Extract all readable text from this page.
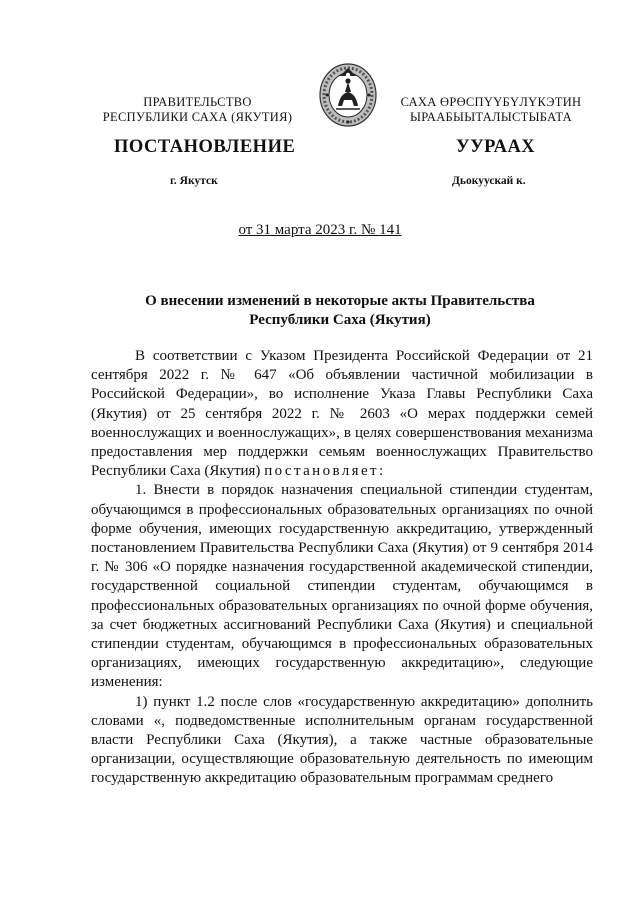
ПРАВИТЕЛЬСТВО
РЕСПУБЛИКИ САХА (ЯКУТИЯ)
САХА ӨРӨСПҮҮБҮЛҮКЭТИН
ЫРААБЫЫТАЛЫСТЫБАТА
ПОСТАНОВЛЕНИЕ	УУРААХ
г. Якутск	Дьокуускай к.
от 31 марта 2023 г. № 141
О внесении изменений в некоторые акты Правительства
Республики Саха (Якутия)

В соответствии с Указом Президента Российской Федерации от 21 сентября 2022 г. № 647 «Об объявлении частичной мобилизации в Российской Федерации», во исполнение Указа Главы Республики Саха (Якутия) от 25 сентября 2022 г. № 2603 «О мерах поддержки семей военнослужащих и военнослужащих», в целях совершенствования механизма предоставления мер поддержки семьям военнослужащих Правительство Республики Саха (Якутия) постановляет:

1. Внести в порядок назначения специальной стипендии студентам, обучающимся в профессиональных образовательных организациях по очной форме обучения, имеющих государственную аккредитацию, утвержденный постановлением Правительства Республики Саха (Якутия) от 9 сентября 2014 г. № 306 «О порядке назначения государственной академической стипендии, государственной социальной стипендии студентам, обучающимся в профессиональных образовательных организациях по очной форме обучения, за счет бюджетных ассигнований Республики Саха (Якутия) и специальной стипендии студентам, обучающимся в профессиональных образовательных организациях, имеющих государственную аккредитацию», следующие изменения:

1) пункт 1.2 после слов «государственную аккредитацию» дополнить словами «, подведомственные исполнительным органам государственной власти Республики Саха (Якутия), а также частные образовательные организации, осуществляющие образовательную деятельность по имеющим государственную аккредитацию образовательным программам среднего
